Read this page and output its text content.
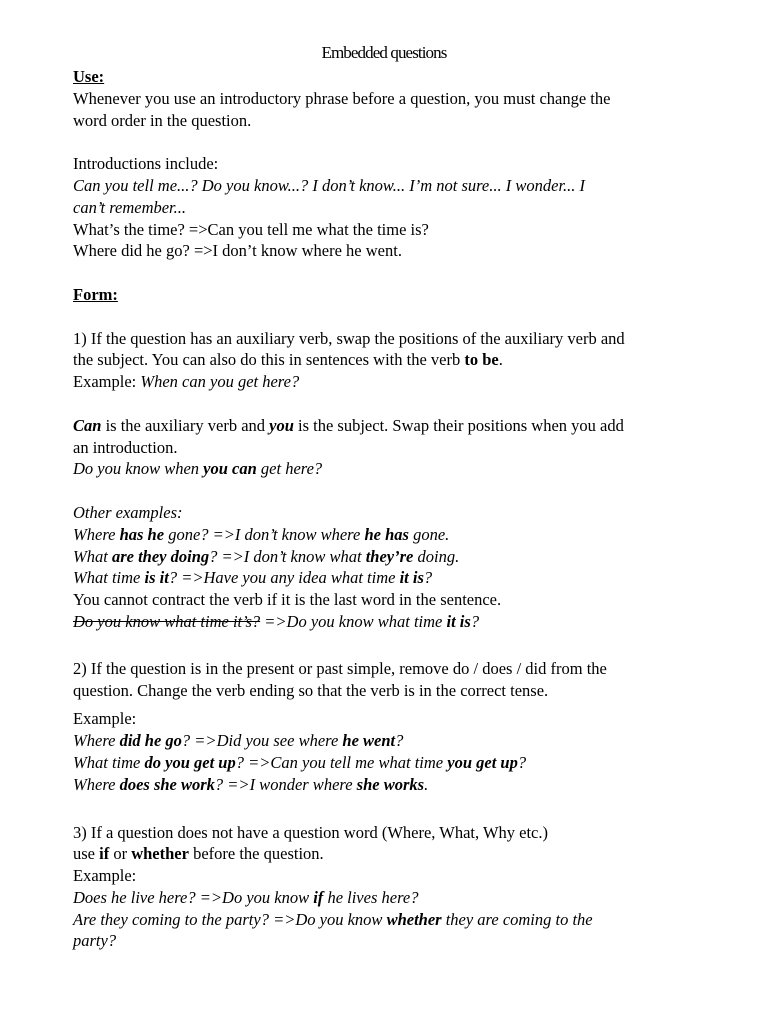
Embedded questions
Use:
Whenever you use an introductory phrase before a question, you must change the
word order in the question.
Introductions include:
Can you tell me...? Do you know...? I don’t know... I’m not sure... I wonder... I
can’t remember...
What’s the time? =>Can you tell me what the time is?
Where did he go? =>I don’t know where he went.
Form:
1) If the question has an auxiliary verb, swap the positions of the auxiliary verb and
the subject. You can also do this in sentences with the verb to be.
Example: When can you get here?
Can is the auxiliary verb and you is the subject. Swap their positions when you add
an introduction.
Do you know when you can get here?
Other examples:
Where has he gone? =>I don’t know where he has gone.
What are they doing? =>I don’t know what they’re doing.
What time is it? =>Have you any idea what time it is?
You cannot contract the verb if it is the last word in the sentence.
Do you know what time it’s? =>Do you know what time it is?
2) If the question is in the present or past simple, remove do / does / did from the
question. Change the verb ending so that the verb is in the correct tense.
Example:
Where did he go? =>Did you see where he went?
What time do you get up? =>Can you tell me what time you get up?
Where does she work? =>I wonder where she works.
3) If a question does not have a question word (Where, What, Why etc.)
use if or whether before the question.
Example:
Does he live here? =>Do you know if he lives here?
Are they coming to the party? =>Do you know whether they are coming to the
party?
